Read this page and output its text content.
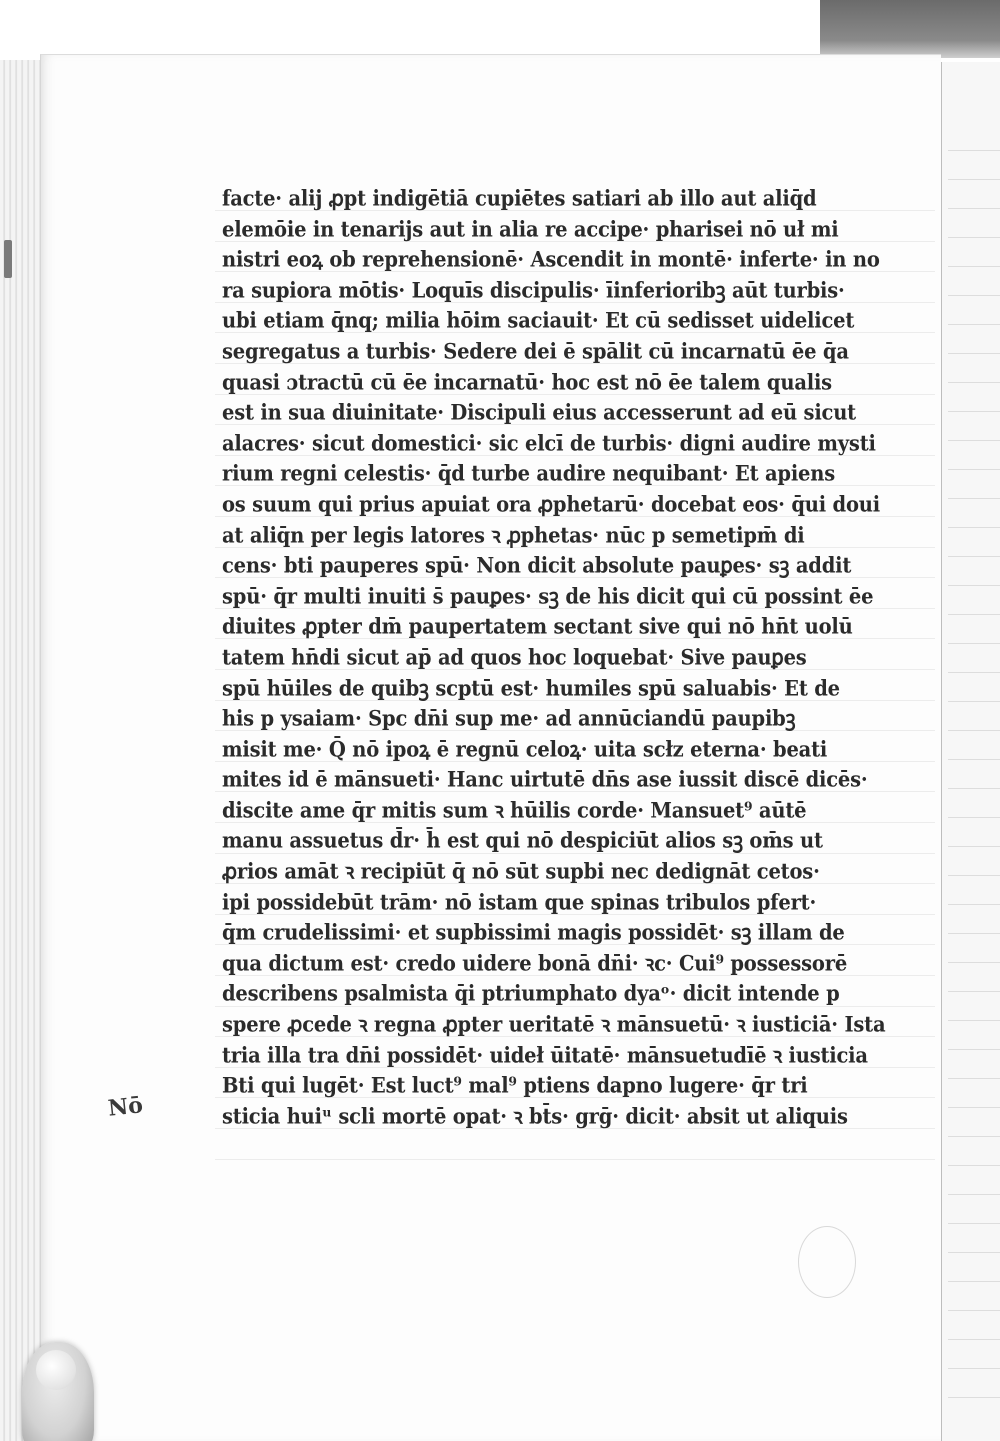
facte· alij ꝓpt indigētiā cupiētes satiari ab illo aut aliq̄d
elemōie in tenarijs aut in alia re accipe· pharisei nō uł mi
nistri eoꝝ ob reprehensionē· Ascendit in montē· inferte· in no
ra supiora mōtis· Loquīs discipulis· īinferioribꝫ aūt turbis·
ubi etiam q̄nq; milia hōim saciauit· Et cū sedisset uidelicet
segregatus a turbis· Sedere dei ē spālit cū incarnatū ēe q̄a
quasi ɔtractū cū ēe incarnatū· hoc est nō ēe talem qualis
est in sua diuinitate· Discipuli eius accesserunt ad eū sicut
alacres· sicut domestici· sic elcī de turbis· digni audire mysti
rium regni celestis· q̄d turbe audire nequibant· Et apiens
os suum qui prius apuiat ora ꝓphetarū· docebat eos· q̄ui doui
at aliq̄n per legis latores ꝛ ꝓphetas· nūc p semetipm̄ di
cens· bti pauperes spū· Non dicit absolute pauꝑes· sꝫ addit
spū· q̄r multi inuiti s̄ pauꝑes· sꝫ de his dicit qui cū possint ēe
diuites ꝓpter dm̄ paupertatem sectant sive qui nō hn̄t uolū
tatem hn̄di sicut ap̄ ad quos hoc loquebat· Sive pauꝑes
spū hūiles de quibꝫ scptū est· humiles spū saluabis· Et de
his p ysaiam· Spc dn̄i sup me· ad annūciandū paupibꝫ
misit me· Q̄ nō ipoꝝ ē regnū celoꝝ· uita scłz eterna· beati
mites id ē mānsueti· Hanc uirtutē dn̄s ase iussit discē dicēs·
discite ame q̄r mitis sum ꝛ hūilis corde· Mansuet⁹ aūtē
manu assuetus d̄r· h̄ est qui nō despiciūt alios sꝫ om̄s ut
ꝓrios amāt ꝛ recipiūt q̄ nō sūt supbi nec dedignāt cetos·
ipi possidebūt trām· nō istam que spinas tribulos pfert·
q̄m crudelissimi· et supbissimi magis possidēt· sꝫ illam de
qua dictum est· credo uidere bonā dn̄i· ꝛc· Cui⁹ possessorē
describens psalmista q̄i ptriumphato dyaᵒ· dicit intende p
spere ꝓcede ꝛ regna ꝓpter ueritatē ꝛ mānsuetū· ꝛ iusticiā· Ista
tria illa tra dn̄i possidēt· uideł ūitatē· mānsuetudīē ꝛ iusticia
Bti qui lugēt· Est luct⁹ mal⁹ ptiens dapno lugere· q̄r tri
sticia huiᵘ scli mortē opat· ꝛ bt̄s· grḡ· dicit· absit ut aliquis
Nō
